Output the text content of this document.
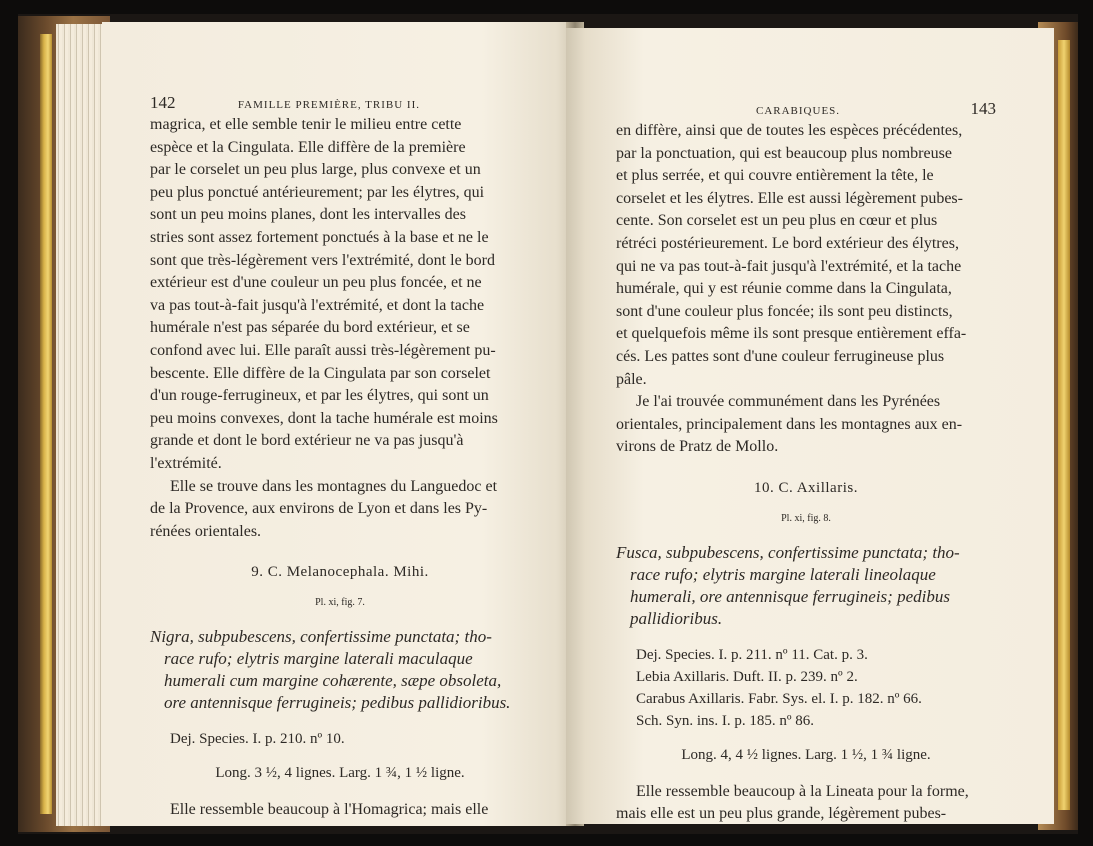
142	FAMILLE PREMIÈRE, TRIBU II.

magrica, et elle semble tenir le milieu entre cette
espèce et la Cingulata. Elle diffère de la première
par le corselet un peu plus large, plus convexe et un
peu plus ponctué antérieurement; par les élytres, qui
sont un peu moins planes, dont les intervalles des
stries sont assez fortement ponctués à la base et ne le
sont que très-légèrement vers l'extrémité, dont le bord
extérieur est d'une couleur un peu plus foncée, et ne
va pas tout-à-fait jusqu'à l'extrémité, et dont la tache
humérale n'est pas séparée du bord extérieur, et se
confond avec lui. Elle paraît aussi très-légèrement pu-
bescente. Elle diffère de la Cingulata par son corselet
d'un rouge-ferrugineux, et par les élytres, qui sont un
peu moins convexes, dont la tache humérale est moins
grande et dont le bord extérieur ne va pas jusqu'à
l'extrémité.

Elle se trouve dans les montagnes du Languedoc et
de la Provence, aux environs de Lyon et dans les Py-
rénées orientales.

9. C. Melanocephala. Mihi.

Pl. xi, fig. 7.

Nigra, subpubescens, confertissime punctata; tho-
race rufo; elytris margine laterali maculaque
humerali cum margine cohærente, sæpe obsoleta,
ore antennisque ferrugineis; pedibus pallidioribus.

Dej. Species. I. p. 210. nº 10.

Long. 3 ½, 4 lignes. Larg. 1 ¾, 1 ½ ligne.

Elle ressemble beaucoup à l'Homagrica; mais elle

CARABIQUES.	143

en diffère, ainsi que de toutes les espèces précédentes,
par la ponctuation, qui est beaucoup plus nombreuse
et plus serrée, et qui couvre entièrement la tête, le
corselet et les élytres. Elle est aussi légèrement pubes-
cente. Son corselet est un peu plus en cœur et plus
rétréci postérieurement. Le bord extérieur des élytres,
qui ne va pas tout-à-fait jusqu'à l'extrémité, et la tache
humérale, qui y est réunie comme dans la Cingulata,
sont d'une couleur plus foncée; ils sont peu distincts,
et quelquefois même ils sont presque entièrement effa-
cés. Les pattes sont d'une couleur ferrugineuse plus
pâle.

Je l'ai trouvée communément dans les Pyrénées
orientales, principalement dans les montagnes aux en-
virons de Pratz de Mollo.

10. C. Axillaris.

Pl. xi, fig. 8.

Fusca, subpubescens, confertissime punctata; tho-
race rufo; elytris margine laterali lineolaque
humerali, ore antennisque ferrugineis; pedibus
pallidioribus.
Dej. Species. I. p. 211. nº 11. Cat. p. 3.
Lebia Axillaris. Duft. II. p. 239. nº 2.
Carabus Axillaris. Fabr. Sys. el. I. p. 182. nº 66.
Sch. Syn. ins. I. p. 185. nº 86.

Long. 4, 4 ½ lignes. Larg. 1 ½, 1 ¾ ligne.

Elle ressemble beaucoup à la Lineata pour la forme,
mais elle est un peu plus grande, légèrement pubes-
